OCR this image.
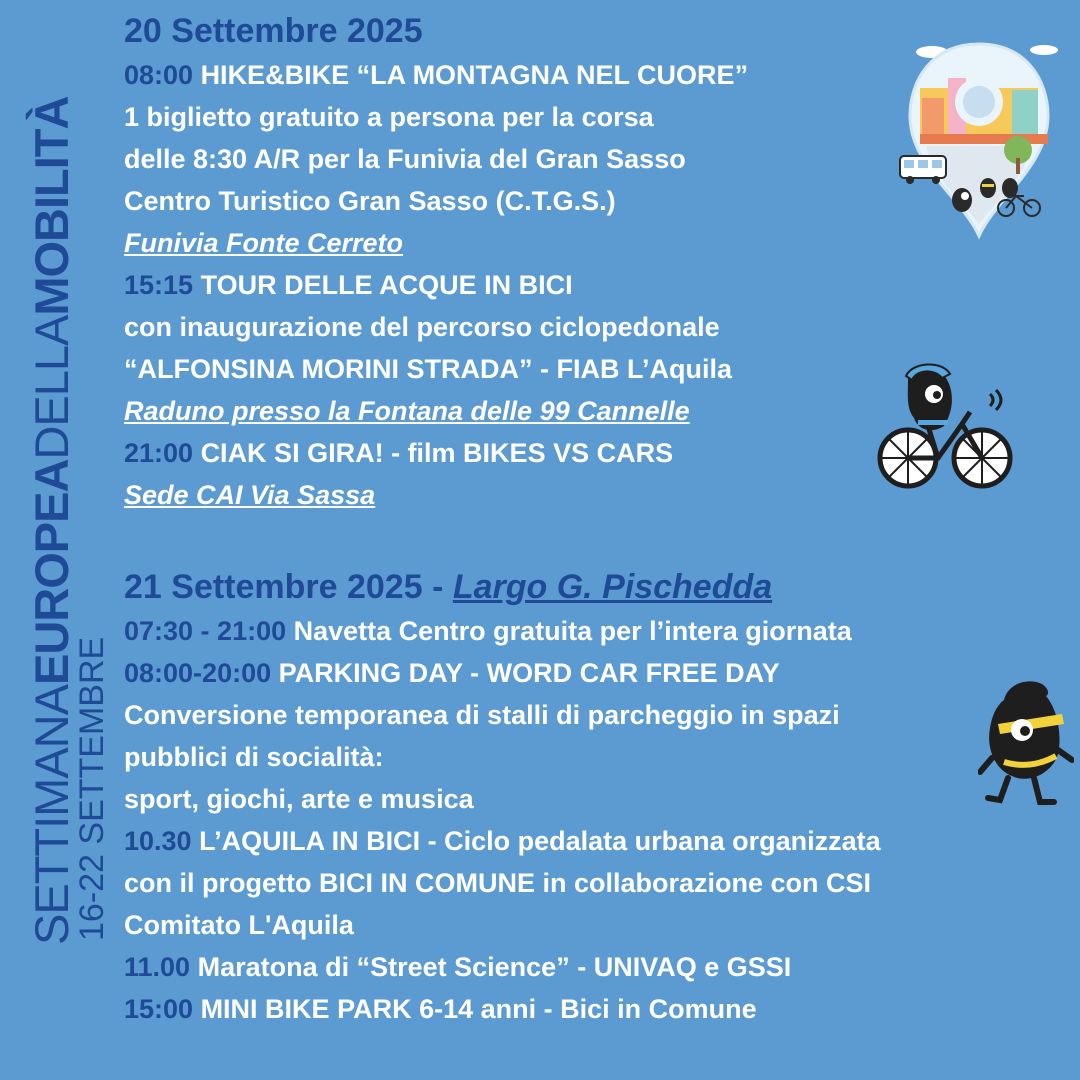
SETTIMANAEUROPEADELLAMOBILITÀ
16-22 SETTEMBRE
20 Settembre 2025
08:00 HIKE&BIKE “LA MONTAGNA NEL CUORE”
1 biglietto gratuito a persona per la corsa
delle 8:30 A/R per la Funivia del Gran Sasso
Centro Turistico Gran Sasso (C.T.G.S.)
Funivia Fonte Cerreto
15:15 TOUR DELLE ACQUE IN BICI
con inaugurazione del percorso ciclopedonale
“ALFONSINA MORINI STRADA” - FIAB L’Aquila
Raduno presso la Fontana delle 99 Cannelle
21:00 CIAK SI GIRA! - film BIKES VS CARS
Sede CAI Via Sassa
21 Settembre 2025 - Largo G. Pischedda
07:30 - 21:00 Navetta Centro gratuita per l’intera giornata
08:00-20:00 PARKING DAY - WORD CAR FREE DAY
Conversione temporanea di stalli di parcheggio in spazi
pubblici di socialità:
sport, giochi, arte e musica
10.30 L’AQUILA IN BICI - Ciclo pedalata urbana organizzata
con il progetto BICI IN COMUNE in collaborazione con CSI
Comitato L'Aquila
11.00 Maratona di “Street Science” - UNIVAQ e GSSI
15:00 MINI BIKE PARK 6-14 anni - Bici in Comune
